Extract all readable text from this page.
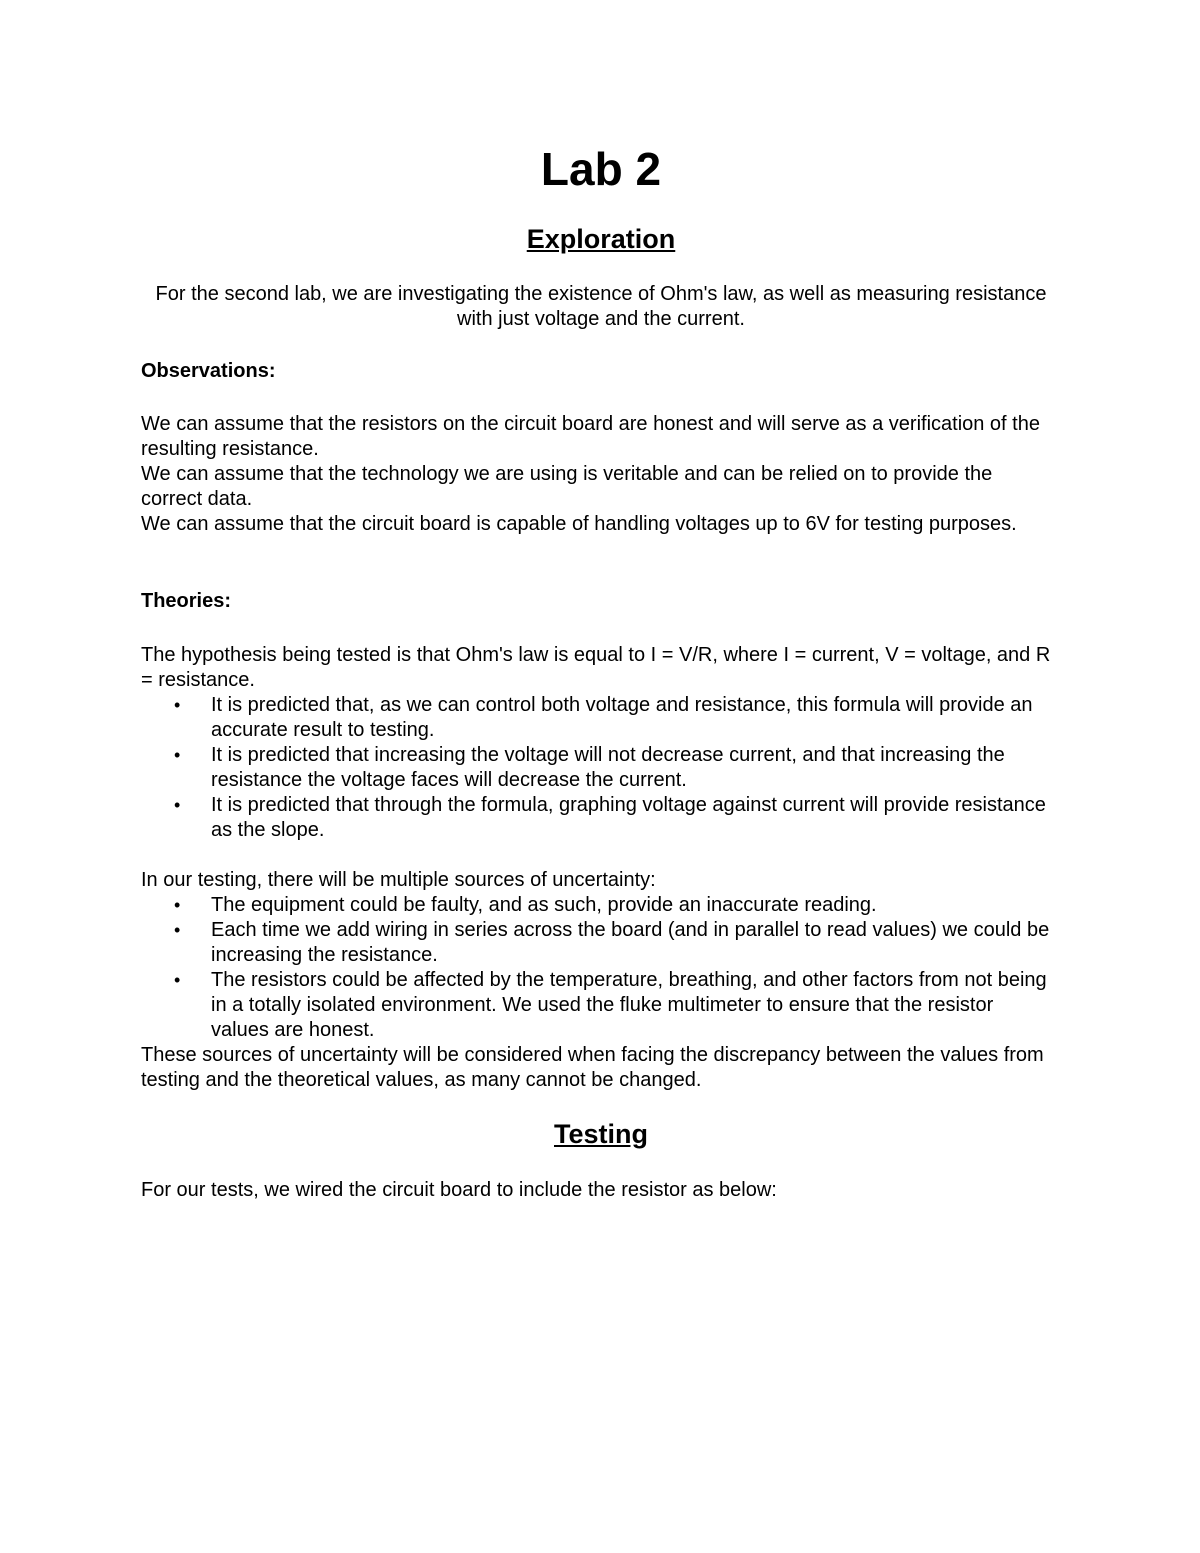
Lab 2
Exploration

For the second lab, we are investigating the existence of Ohm's law, as well as measuring resistance with just voltage and the current.

Observations:

We can assume that the resistors on the circuit board are honest and will serve as a verification of the resulting resistance.

We can assume that the technology we are using is veritable and can be relied on to provide the correct data.

We can assume that the circuit board is capable of handling voltages up to 6V for testing purposes.

Theories:

The hypothesis being tested is that Ohm's law is equal to I = V/R, where I = current, V = voltage, and R = resistance.

• It is predicted that, as we can control both voltage and resistance, this formula will provide an accurate result to testing.
• It is predicted that increasing the voltage will not decrease current, and that increasing the resistance the voltage faces will decrease the current.
• It is predicted that through the formula, graphing voltage against current will provide resistance as the slope.

In our testing, there will be multiple sources of uncertainty:

• The equipment could be faulty, and as such, provide an inaccurate reading.
• Each time we add wiring in series across the board (and in parallel to read values) we could be increasing the resistance.
• The resistors could be affected by the temperature, breathing, and other factors from not being in a totally isolated environment. We used the fluke multimeter to ensure that the resistor values are honest.

These sources of uncertainty will be considered when facing the discrepancy between the values from testing and the theoretical values, as many cannot be changed.

Testing

For our tests, we wired the circuit board to include the resistor as below:
